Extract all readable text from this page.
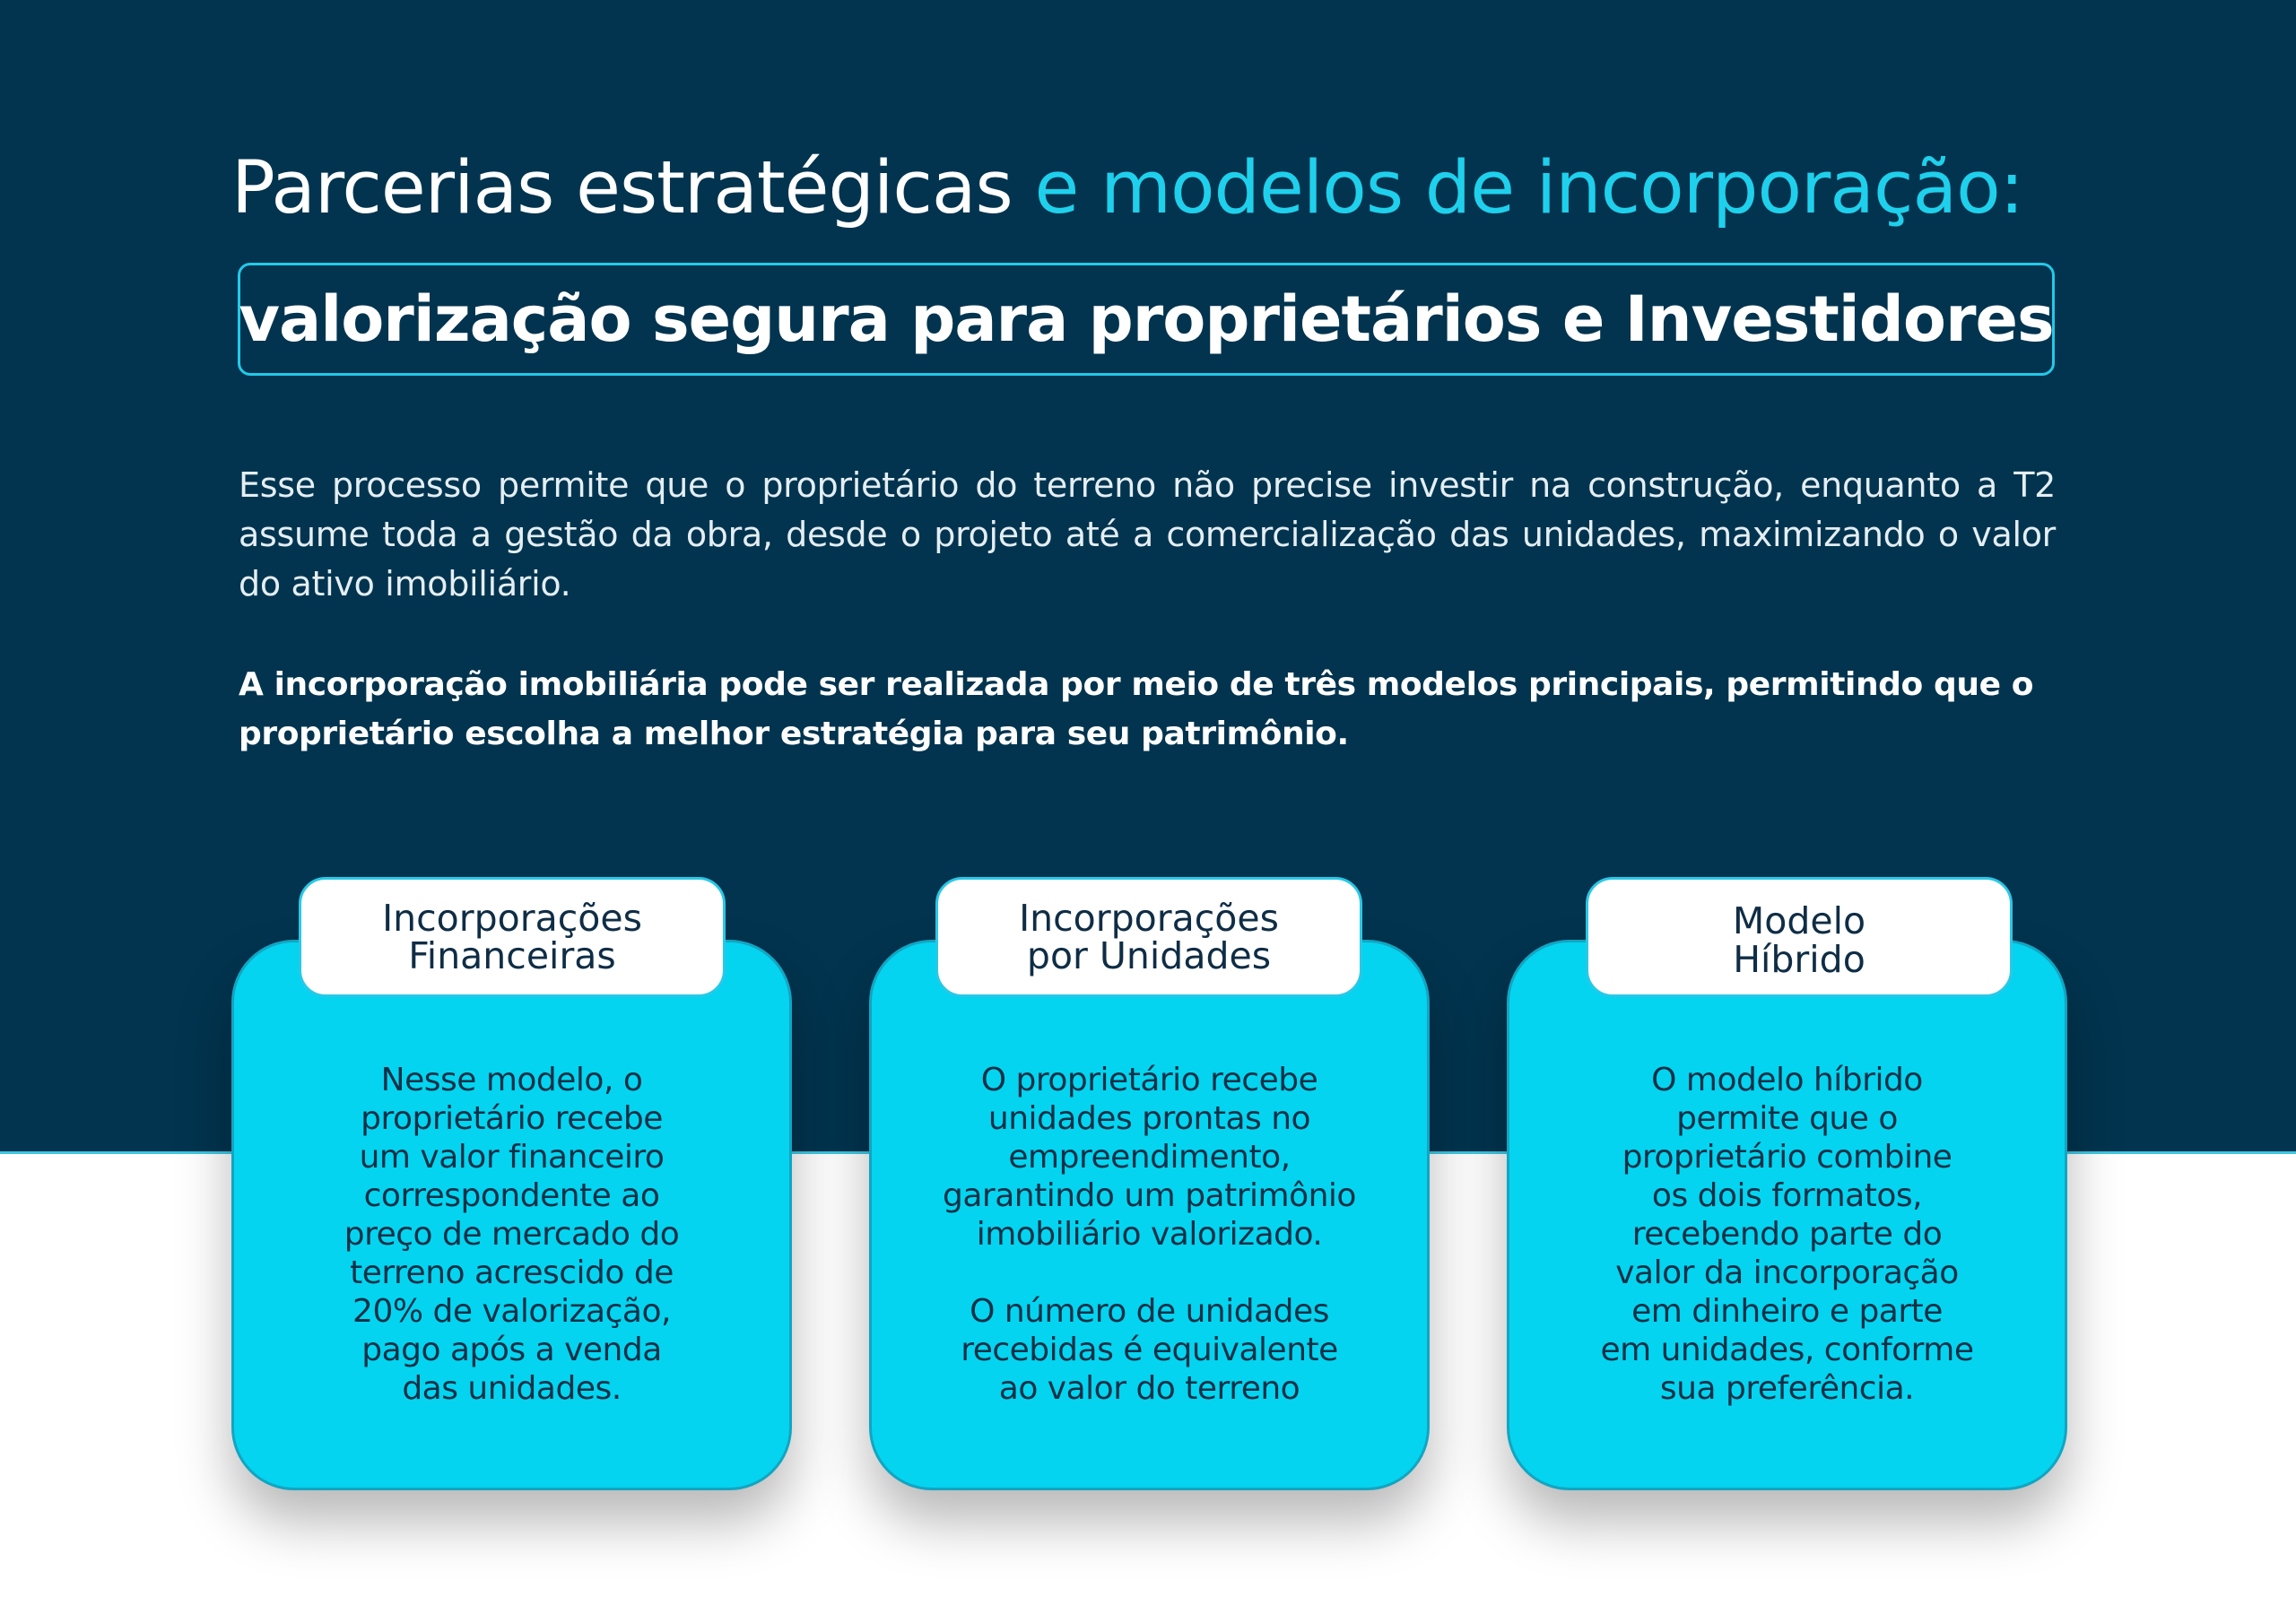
Parcerias estratégicas e modelos de incorporação:
valorização segura para proprietários e Investidores

Esse processo permite que o proprietário do terreno não precise investir na construção, enquanto a T2 assume toda a gestão da obra, desde o projeto até a comercialização das unidades, maximizando o valor do ativo imobiliário.

A incorporação imobiliária pode ser realizada por meio de três modelos principais, permitindo que o proprietário escolha a melhor estratégia para seu patrimônio.

Nesse modelo, o
proprietário recebe
um valor financeiro
correspondente ao
preço de mercado do
terreno acrescido de
20% de valorização,
pago após a venda
das unidades.

Incorporações
Financeiras

O proprietário recebe
unidades prontas no
empreendimento,
garantindo um patrimônio
imobiliário valorizado.

O número de unidades
recebidas é equivalente
ao valor do terreno

Incorporações
por Unidades

O modelo híbrido
permite que o
proprietário combine
os dois formatos,
recebendo parte do
valor da incorporação
em dinheiro e parte
em unidades, conforme
sua preferência.

Modelo
Híbrido
